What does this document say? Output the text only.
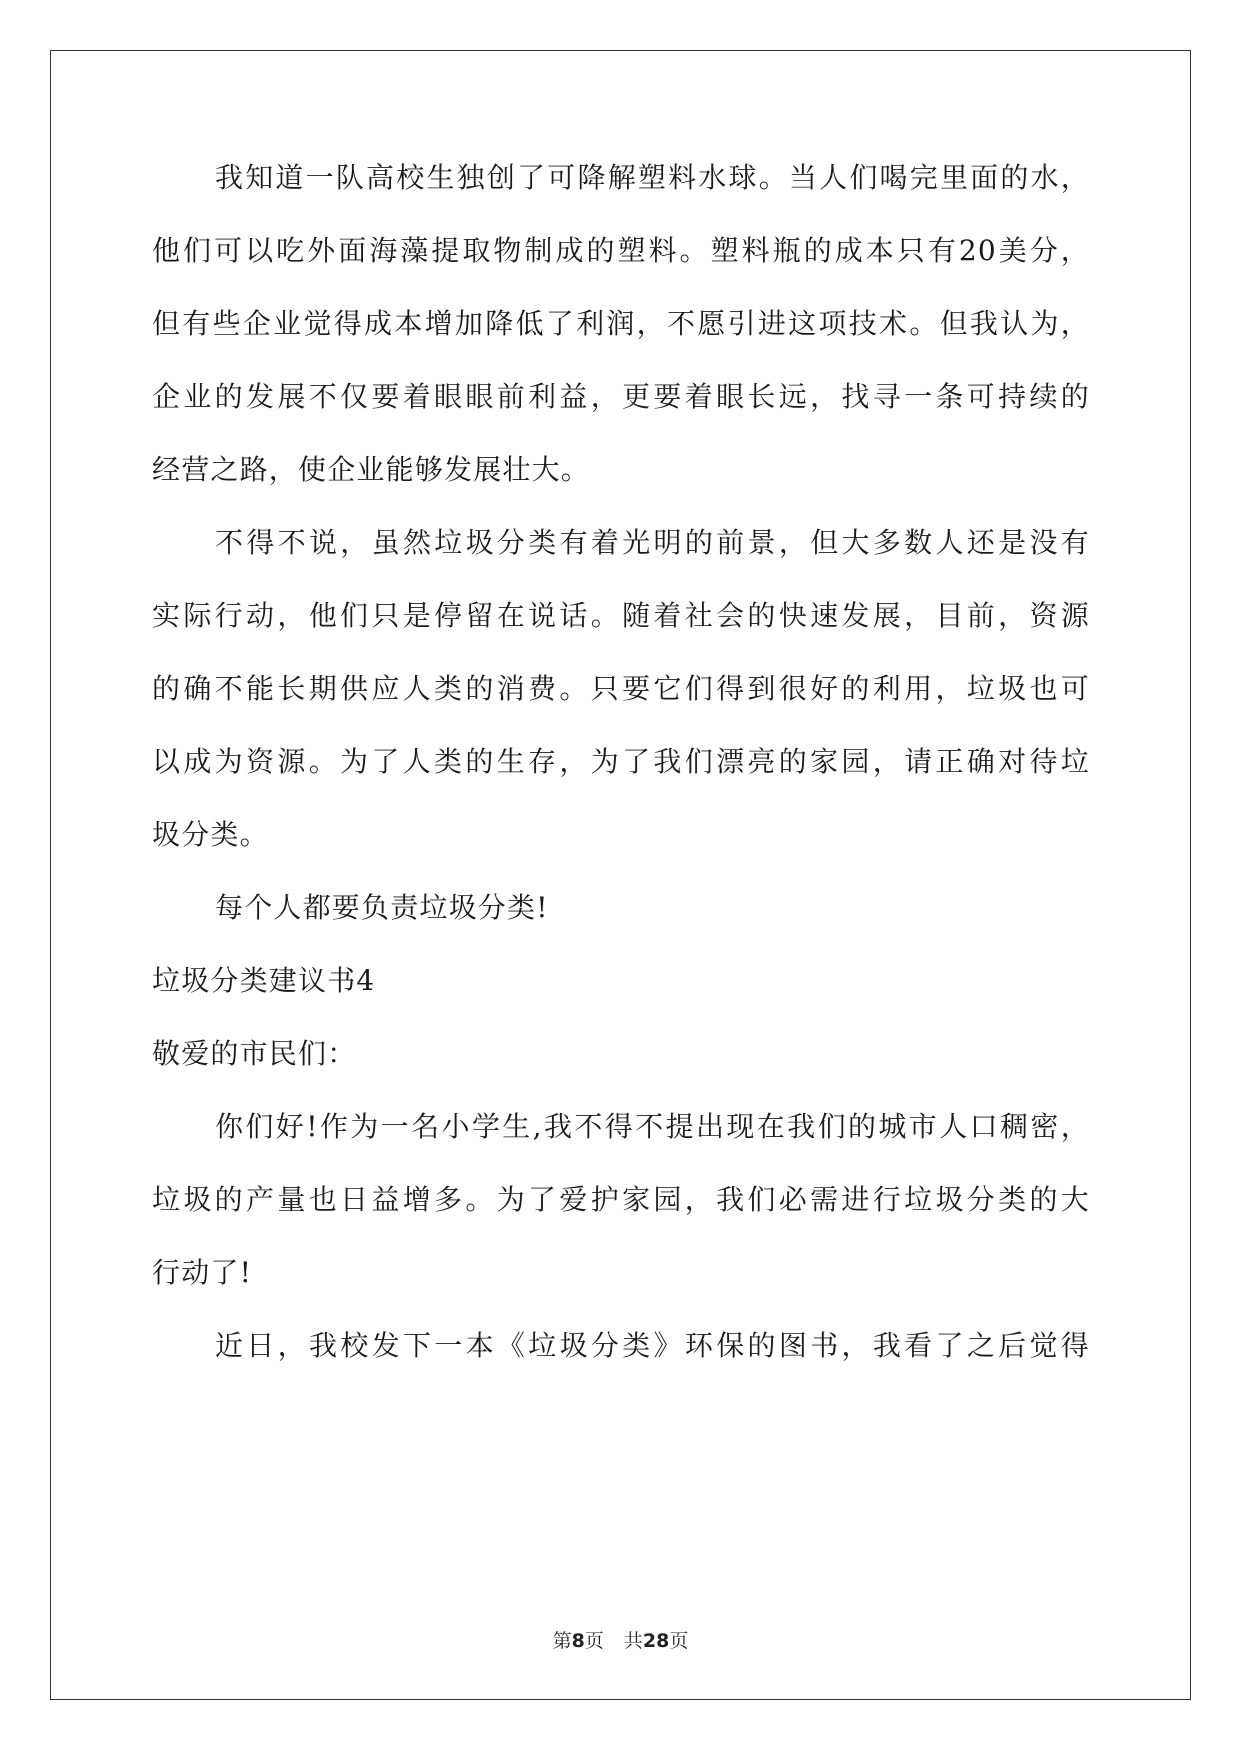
我知道一队高校生独创了可降解塑料水球。当人们喝完里面的水，
他们可以吃外面海藻提取物制成的塑料。塑料瓶的成本只有20美分，
但有些企业觉得成本增加降低了利润，不愿引进这项技术。但我认为，
企业的发展不仅要着眼眼前利益，更要着眼长远，找寻一条可持续的
经营之路，使企业能够发展壮大。
不得不说，虽然垃圾分类有着光明的前景，但大多数人还是没有
实际行动，他们只是停留在说话。随着社会的快速发展，目前，资源
的确不能长期供应人类的消费。只要它们得到很好的利用，垃圾也可
以成为资源。为了人类的生存，为了我们漂亮的家园，请正确对待垃
圾分类。
每个人都要负责垃圾分类!
垃圾分类建议书4
敬爱的市民们：
你们好!作为一名小学生,我不得不提出现在我们的城市人口稠密，
垃圾的产量也日益增多。为了爱护家园，我们必需进行垃圾分类的大
行动了!
近日，我校发下一本《垃圾分类》环保的图书，我看了之后觉得
第8页 共28页
